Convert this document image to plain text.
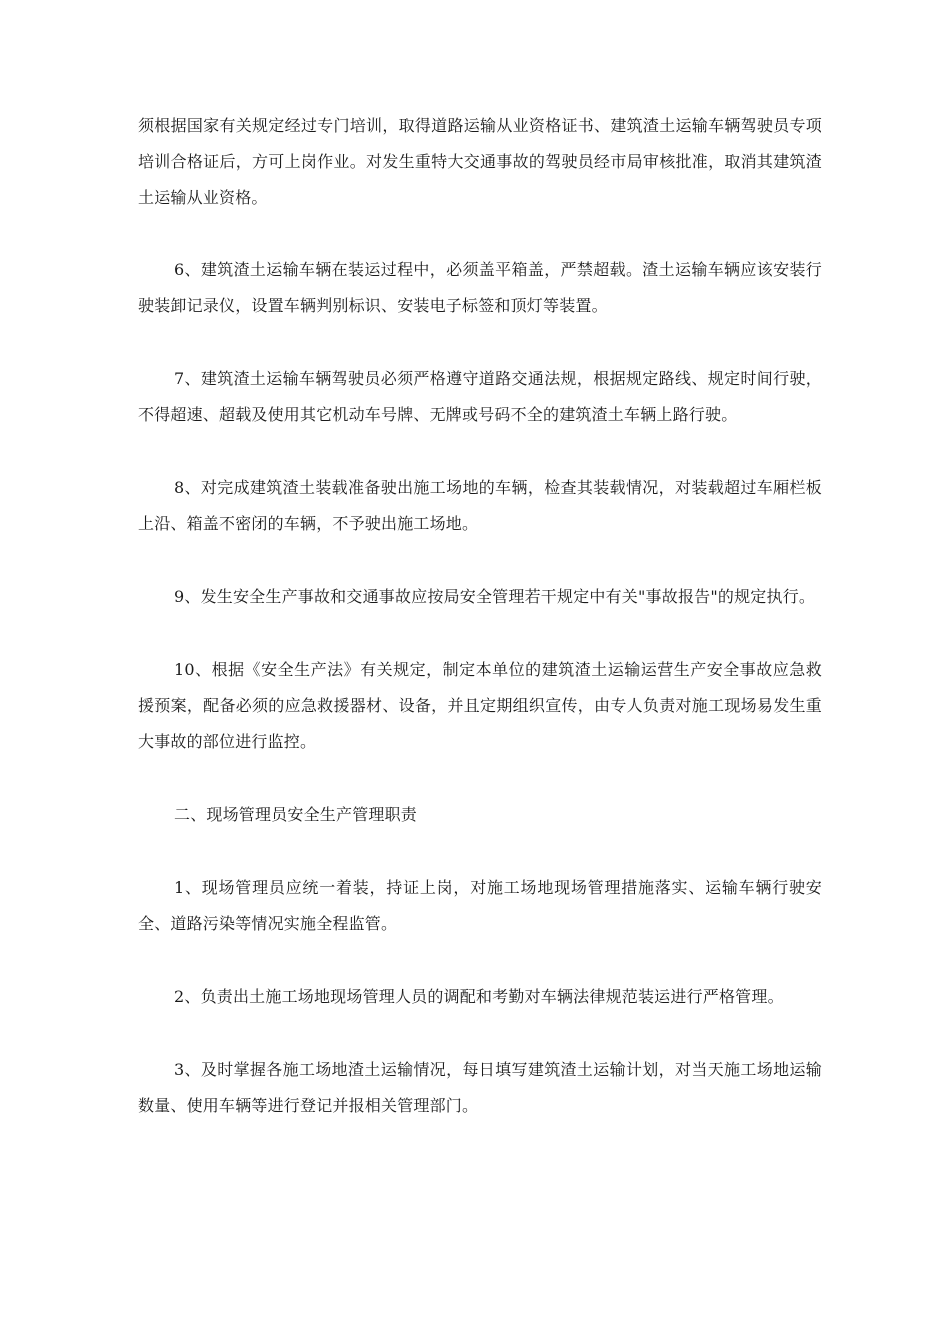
须根据国家有关规定经过专门培训，取得道路运输从业资格证书、建筑渣土运输车辆驾驶员专项培训合格证后，方可上岗作业。对发生重特大交通事故的驾驶员经市局审核批准，取消其建筑渣土运输从业资格。

6、建筑渣土运输车辆在装运过程中，必须盖平箱盖，严禁超载。渣土运输车辆应该安装行驶装卸记录仪，设置车辆判别标识、安装电子标签和顶灯等装置。

7、建筑渣土运输车辆驾驶员必须严格遵守道路交通法规，根据规定路线、规定时间行驶，不得超速、超载及使用其它机动车号牌、无牌或号码不全的建筑渣土车辆上路行驶。

8、对完成建筑渣土装载准备驶出施工场地的车辆，检查其装载情况，对装载超过车厢栏板上沿、箱盖不密闭的车辆，不予驶出施工场地。

9、发生安全生产事故和交通事故应按局安全管理若干规定中有关"事故报告"的规定执行。

10、根据《安全生产法》有关规定，制定本单位的建筑渣土运输运营生产安全事故应急救援预案，配备必须的应急救援器材、设备，并且定期组织宣传，由专人负责对施工现场易发生重大事故的部位进行监控。

二、现场管理员安全生产管理职责

1、现场管理员应统一着装，持证上岗，对施工场地现场管理措施落实、运输车辆行驶安全、道路污染等情况实施全程监管。

2、负责出土施工场地现场管理人员的调配和考勤对车辆法律规范装运进行严格管理。

3、及时掌握各施工场地渣土运输情况，每日填写建筑渣土运输计划，对当天施工场地运输数量、使用车辆等进行登记并报相关管理部门。
